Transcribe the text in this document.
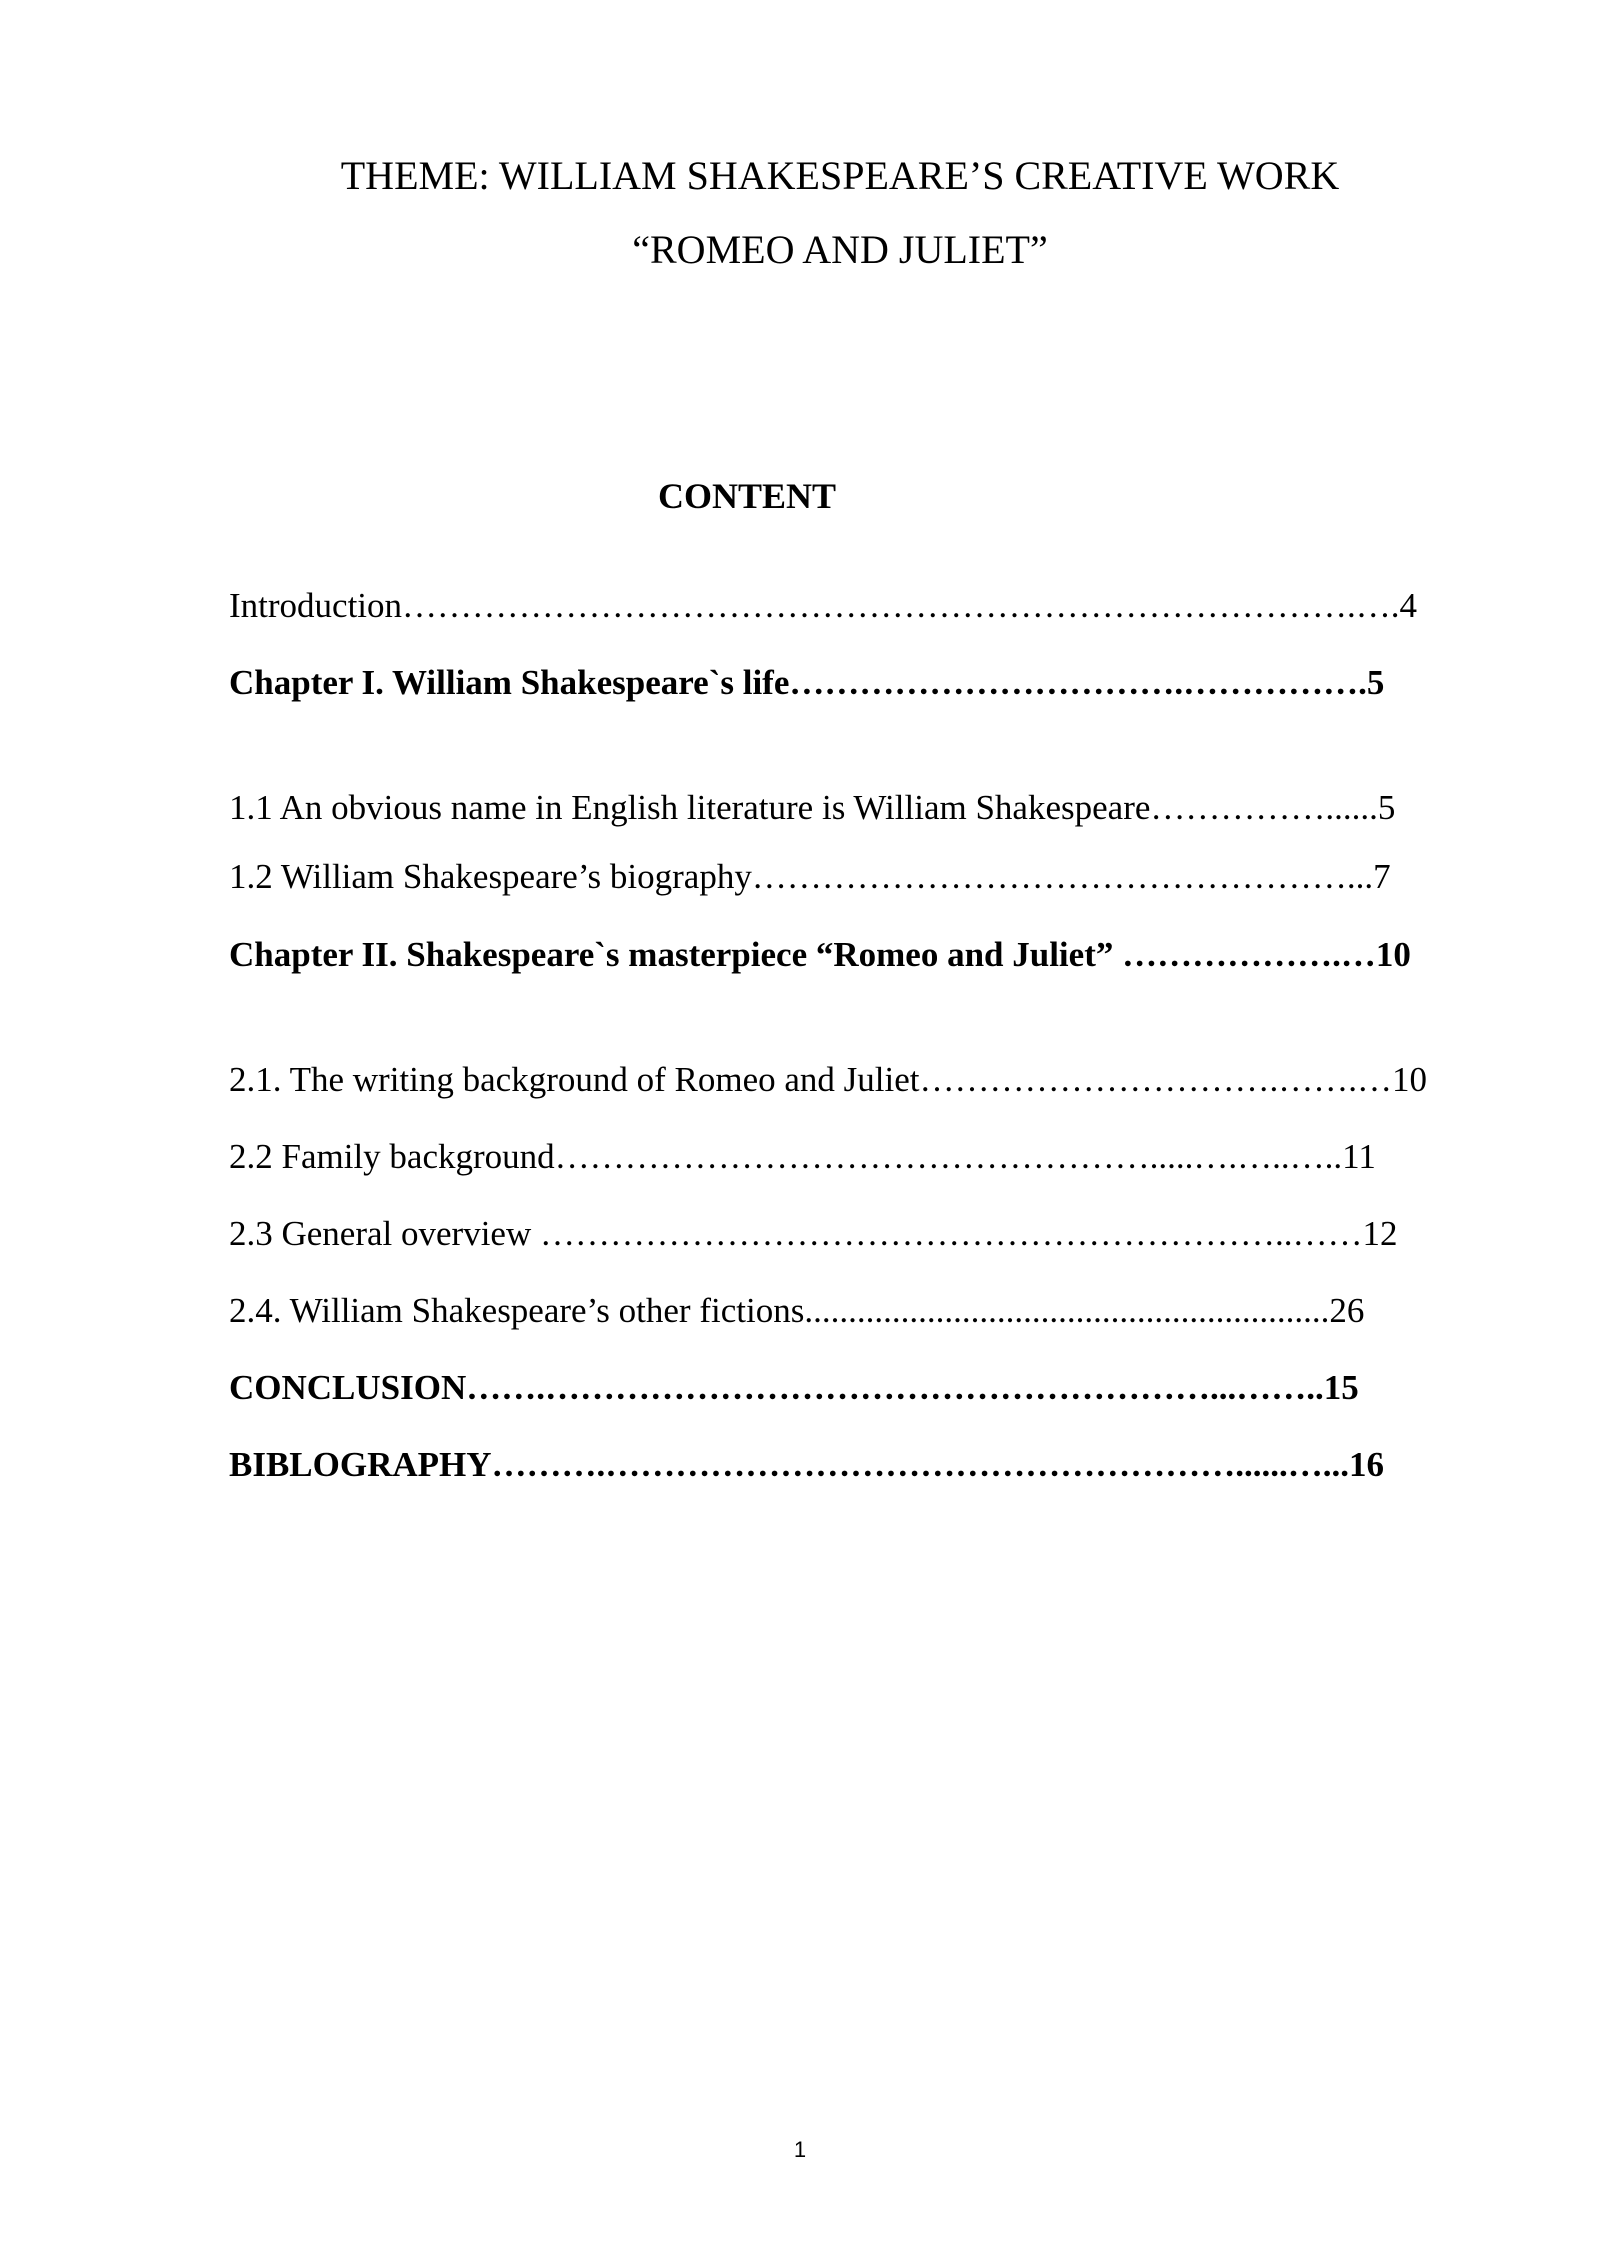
THEME: WILLIAM SHAKESPEARE’S CREATIVE WORK
“ROMEO AND JULIET”
CONTENT
Introduction……………………………………………………………………….….4
Chapter I. William Shakespeare`s life…………………………….…………….5
1.1 An obvious name in English literature is William Shakespeare……………......5
1.2 William Shakespeare’s biography……………………………………………...7
Chapter II. Shakespeare`s masterpiece “Romeo and Juliet” ……………….…10
2.1. The writing background of Romeo and Juliet………………………….…….…10
2.2 Family background…………………………………………….....….…..…..11
2.3 General overview ………………………………………………………..……12
2.4. William Shakespeare’s other fictions............................................................26
CONCLUSION…….…………………………………………………...……..15
BIBLOGRAPHY……….………………………………………………......…...16
1
